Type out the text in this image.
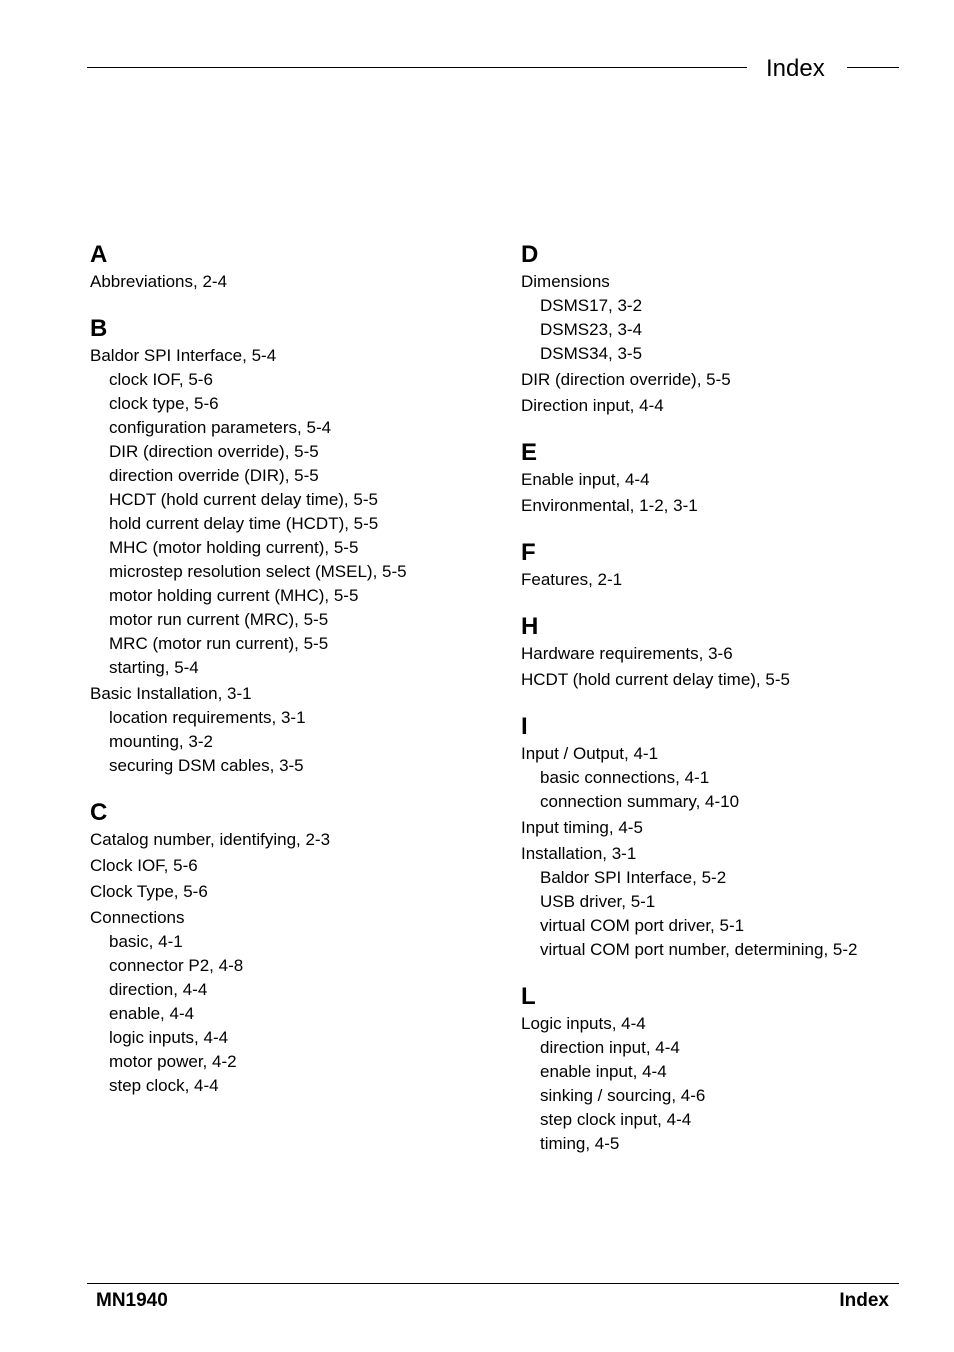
Index
A
Abbreviations, 2-4
B
Baldor SPI Interface, 5-4
clock IOF, 5-6
clock type, 5-6
configuration parameters, 5-4
DIR (direction override), 5-5
direction override (DIR), 5-5
HCDT (hold current delay time), 5-5
hold current delay time (HCDT), 5-5
MHC (motor holding current), 5-5
microstep resolution select (MSEL), 5-5
motor holding current (MHC), 5-5
motor run current (MRC), 5-5
MRC (motor run current), 5-5
starting, 5-4
Basic Installation, 3-1
location requirements, 3-1
mounting, 3-2
securing DSM cables, 3-5
C
Catalog number, identifying, 2-3
Clock IOF, 5-6
Clock Type, 5-6
Connections
basic, 4-1
connector P2, 4-8
direction, 4-4
enable, 4-4
logic inputs, 4-4
motor power, 4-2
step clock, 4-4
D
Dimensions
DSMS17, 3-2
DSMS23, 3-4
DSMS34, 3-5
DIR (direction override), 5-5
Direction input, 4-4
E
Enable input, 4-4
Environmental, 1-2, 3-1
F
Features, 2-1
H
Hardware requirements, 3-6
HCDT (hold current delay time), 5-5
I
Input / Output, 4-1
basic connections, 4-1
connection summary, 4-10
Input timing, 4-5
Installation, 3-1
Baldor SPI Interface, 5-2
USB driver, 5-1
virtual COM port driver, 5-1
virtual COM port number, determining, 5-2
L
Logic inputs, 4-4
direction input, 4-4
enable input, 4-4
sinking / sourcing, 4-6
step clock input, 4-4
timing, 4-5
MN1940	Index
